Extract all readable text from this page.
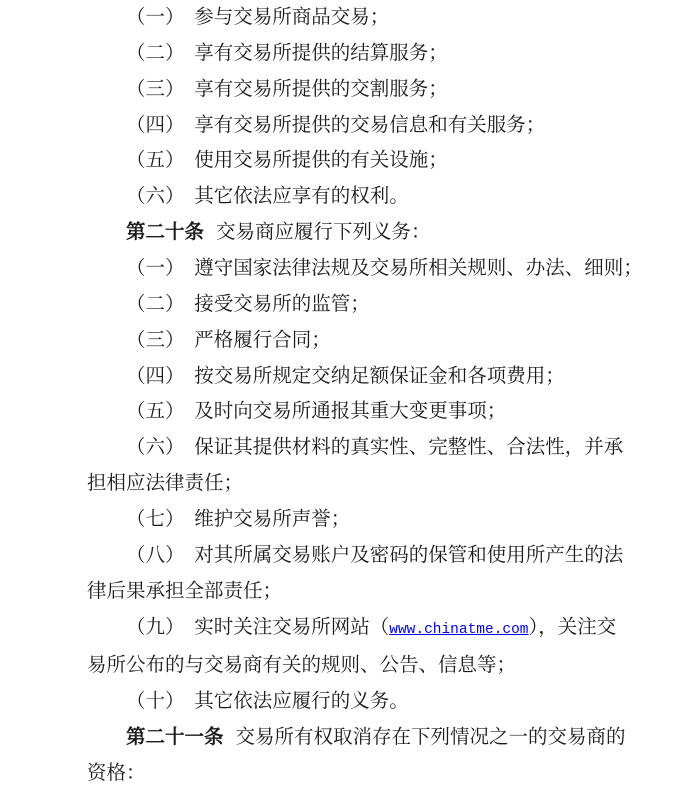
（一）　参与交易所商品交易；
（二）　享有交易所提供的结算服务；
（三）　享有交易所提供的交割服务；
（四）　享有交易所提供的交易信息和有关服务；
（五）　使用交易所提供的有关设施；
（六）　其它依法应享有的权利。
第二十条 交易商应履行下列义务：
（一）　遵守国家法律法规及交易所相关规则、办法、细则；
（二）　接受交易所的监管；
（三）　严格履行合同；
（四）　按交易所规定交纳足额保证金和各项费用；
（五）　及时向交易所通报其重大变更事项；
（六）　保证其提供材料的真实性、完整性、合法性，并承
担相应法律责任；
（七）　维护交易所声誉；
（八）　对其所属交易账户及密码的保管和使用所产生的法
律后果承担全部责任；
（九）　实时关注交易所网站（www.chinatme.com），关注交
易所公布的与交易商有关的规则、公告、信息等；
（十）　其它依法应履行的义务。
第二十一条 交易所有权取消存在下列情况之一的交易商的
资格：
